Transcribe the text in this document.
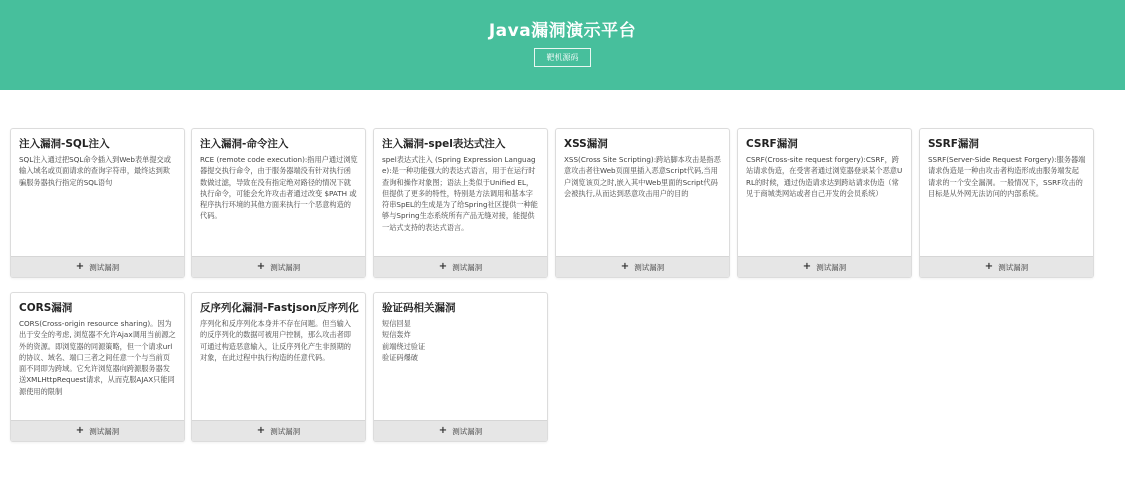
Java漏洞演示平台
靶机源码
注入漏洞-SQL注入
SQL注入通过把SQL命令插入到Web表单提交或输入域名或页面请求的查询字符串，最终达到欺骗服务器执行指定的SQL语句
+ 测试漏洞
注入漏洞-命令注入
RCE (remote code execution):指用户通过浏览器提交执行命令，由于服务器端没有针对执行函数做过滤，导致在没有指定绝对路径的情况下就执行命令，可能会允许攻击者通过改变 $PATH 或程序执行环境的其他方面来执行一个恶意构造的代码。
+ 测试漏洞
注入漏洞-spel表达式注入
spel表达式注入 (Spring Expression Language):是一种功能强大的表达式语言，用于在运行时查询和操作对象图；语法上类似于Unified EL，但提供了更多的特性，特别是方法调用和基本字符串SpEL的生成是为了给Spring社区提供一种能够与Spring生态系统所有产品无缝对接，能提供一站式支持的表达式语言。
+ 测试漏洞
XSS漏洞
XSS(Cross Site Scripting):跨站脚本攻击是指恶意攻击者往Web页面里插入恶意Script代码,当用户浏览该页之时,嵌入其中Web里面的Script代码会被执行,从而达到恶意攻击用户的目的
+ 测试漏洞
CSRF漏洞
CSRF(Cross-site request forgery):CSRF，跨站请求伪造，在受害者通过浏览器登录某个恶意URL的时候，通过伪造请求达到跨站请求伪造（常见于商城类网站或者自己开发的会员系统）
+ 测试漏洞
SSRF漏洞
SSRF(Server-Side Request Forgery):服务器端请求伪造是一种由攻击者构造形成由服务端发起请求的一个安全漏洞。一般情况下，SSRF攻击的目标是从外网无法访问的内部系统。
+ 测试漏洞
CORS漏洞
CORS(Cross-origin resource sharing)。因为出于安全的考虑, 浏览器不允许Ajax调用当前源之外的资源。即浏览器的同源策略，但一个请求url的协议、域名、端口三者之间任意一个与当前页面不同即为跨域。它允许浏览器向跨源服务器发送XMLHttpRequest请求，从而克服AJAX只能同源使用的限制
+ 测试漏洞
反序列化漏洞-Fastjson反序列化
序列化和反序列化本身并不存在问题。但当输入的反序列化的数据可被用户控制，那么攻击者即可通过构造恶意输入，让反序列化产生非预期的对象，在此过程中执行构造的任意代码。
+ 测试漏洞
验证码相关漏洞
短信回显
短信轰炸
前端绕过验证
验证码爆破
+ 测试漏洞
